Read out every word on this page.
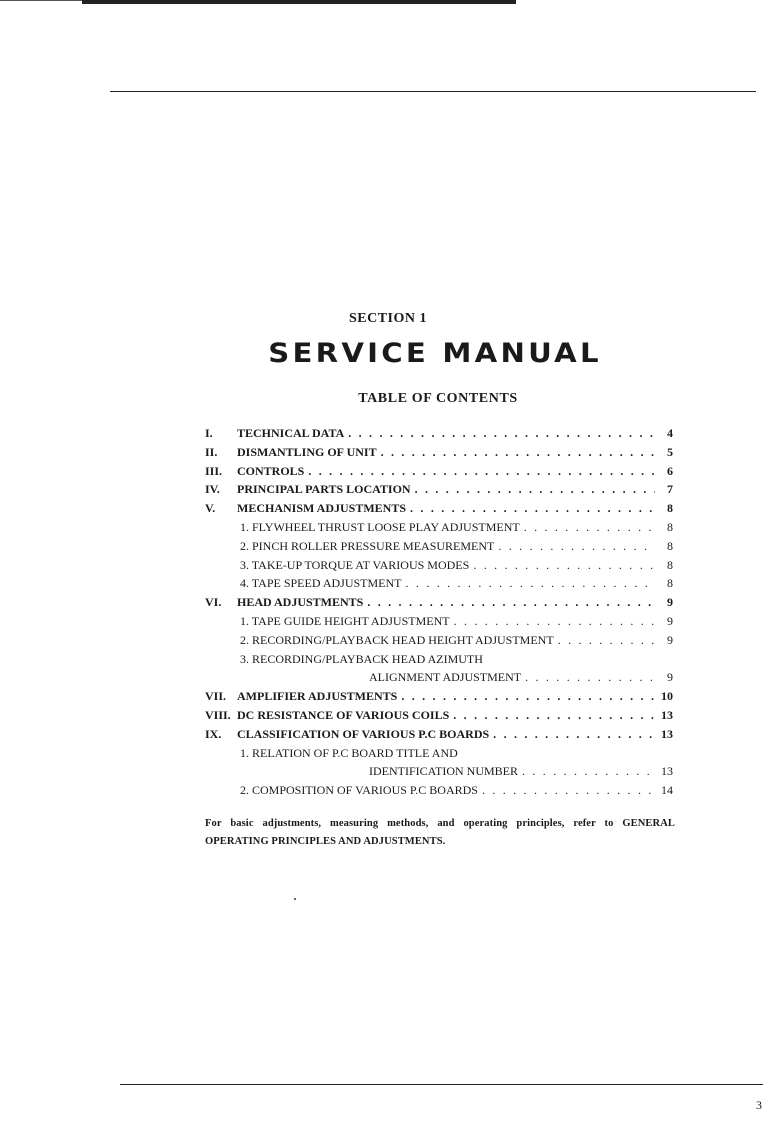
SECTION 1
SERVICE MANUAL
TABLE OF CONTENTS
I.	TECHNICAL DATA . . .	4
II.	DISMANTLING OF UNIT . . .	5
III.	CONTROLS . . .	6
IV.	PRINCIPAL PARTS LOCATION . . .	7
V.	MECHANISM ADJUSTMENTS . . .	8
1. FLYWHEEL THRUST LOOSE PLAY ADJUSTMENT . . .	8
2. PINCH ROLLER PRESSURE MEASUREMENT . . .	8
3. TAKE-UP TORQUE AT VARIOUS MODES . . .	8
4. TAPE SPEED ADJUSTMENT . . .	8
VI.	HEAD ADJUSTMENTS . . .	9
1. TAPE GUIDE HEIGHT ADJUSTMENT . . .	9
2. RECORDING/PLAYBACK HEAD HEIGHT ADJUSTMENT . . .	9
3. RECORDING/PLAYBACK HEAD AZIMUTH
ALIGNMENT ADJUSTMENT . . .	9
VII. AMPLIFIER ADJUSTMENTS . . .	10
VIII. DC RESISTANCE OF VARIOUS COILS . . .	13
IX.	CLASSIFICATION OF VARIOUS P.C BOARDS . . .	13
1. RELATION OF P.C BOARD TITLE AND
IDENTIFICATION NUMBER . . .	13
2. COMPOSITION OF VARIOUS P.C BOARDS . . .	14
For basic adjustments, measuring methods, and operating principles, refer to GENERAL OPERATING PRINCIPLES AND ADJUSTMENTS.
3
